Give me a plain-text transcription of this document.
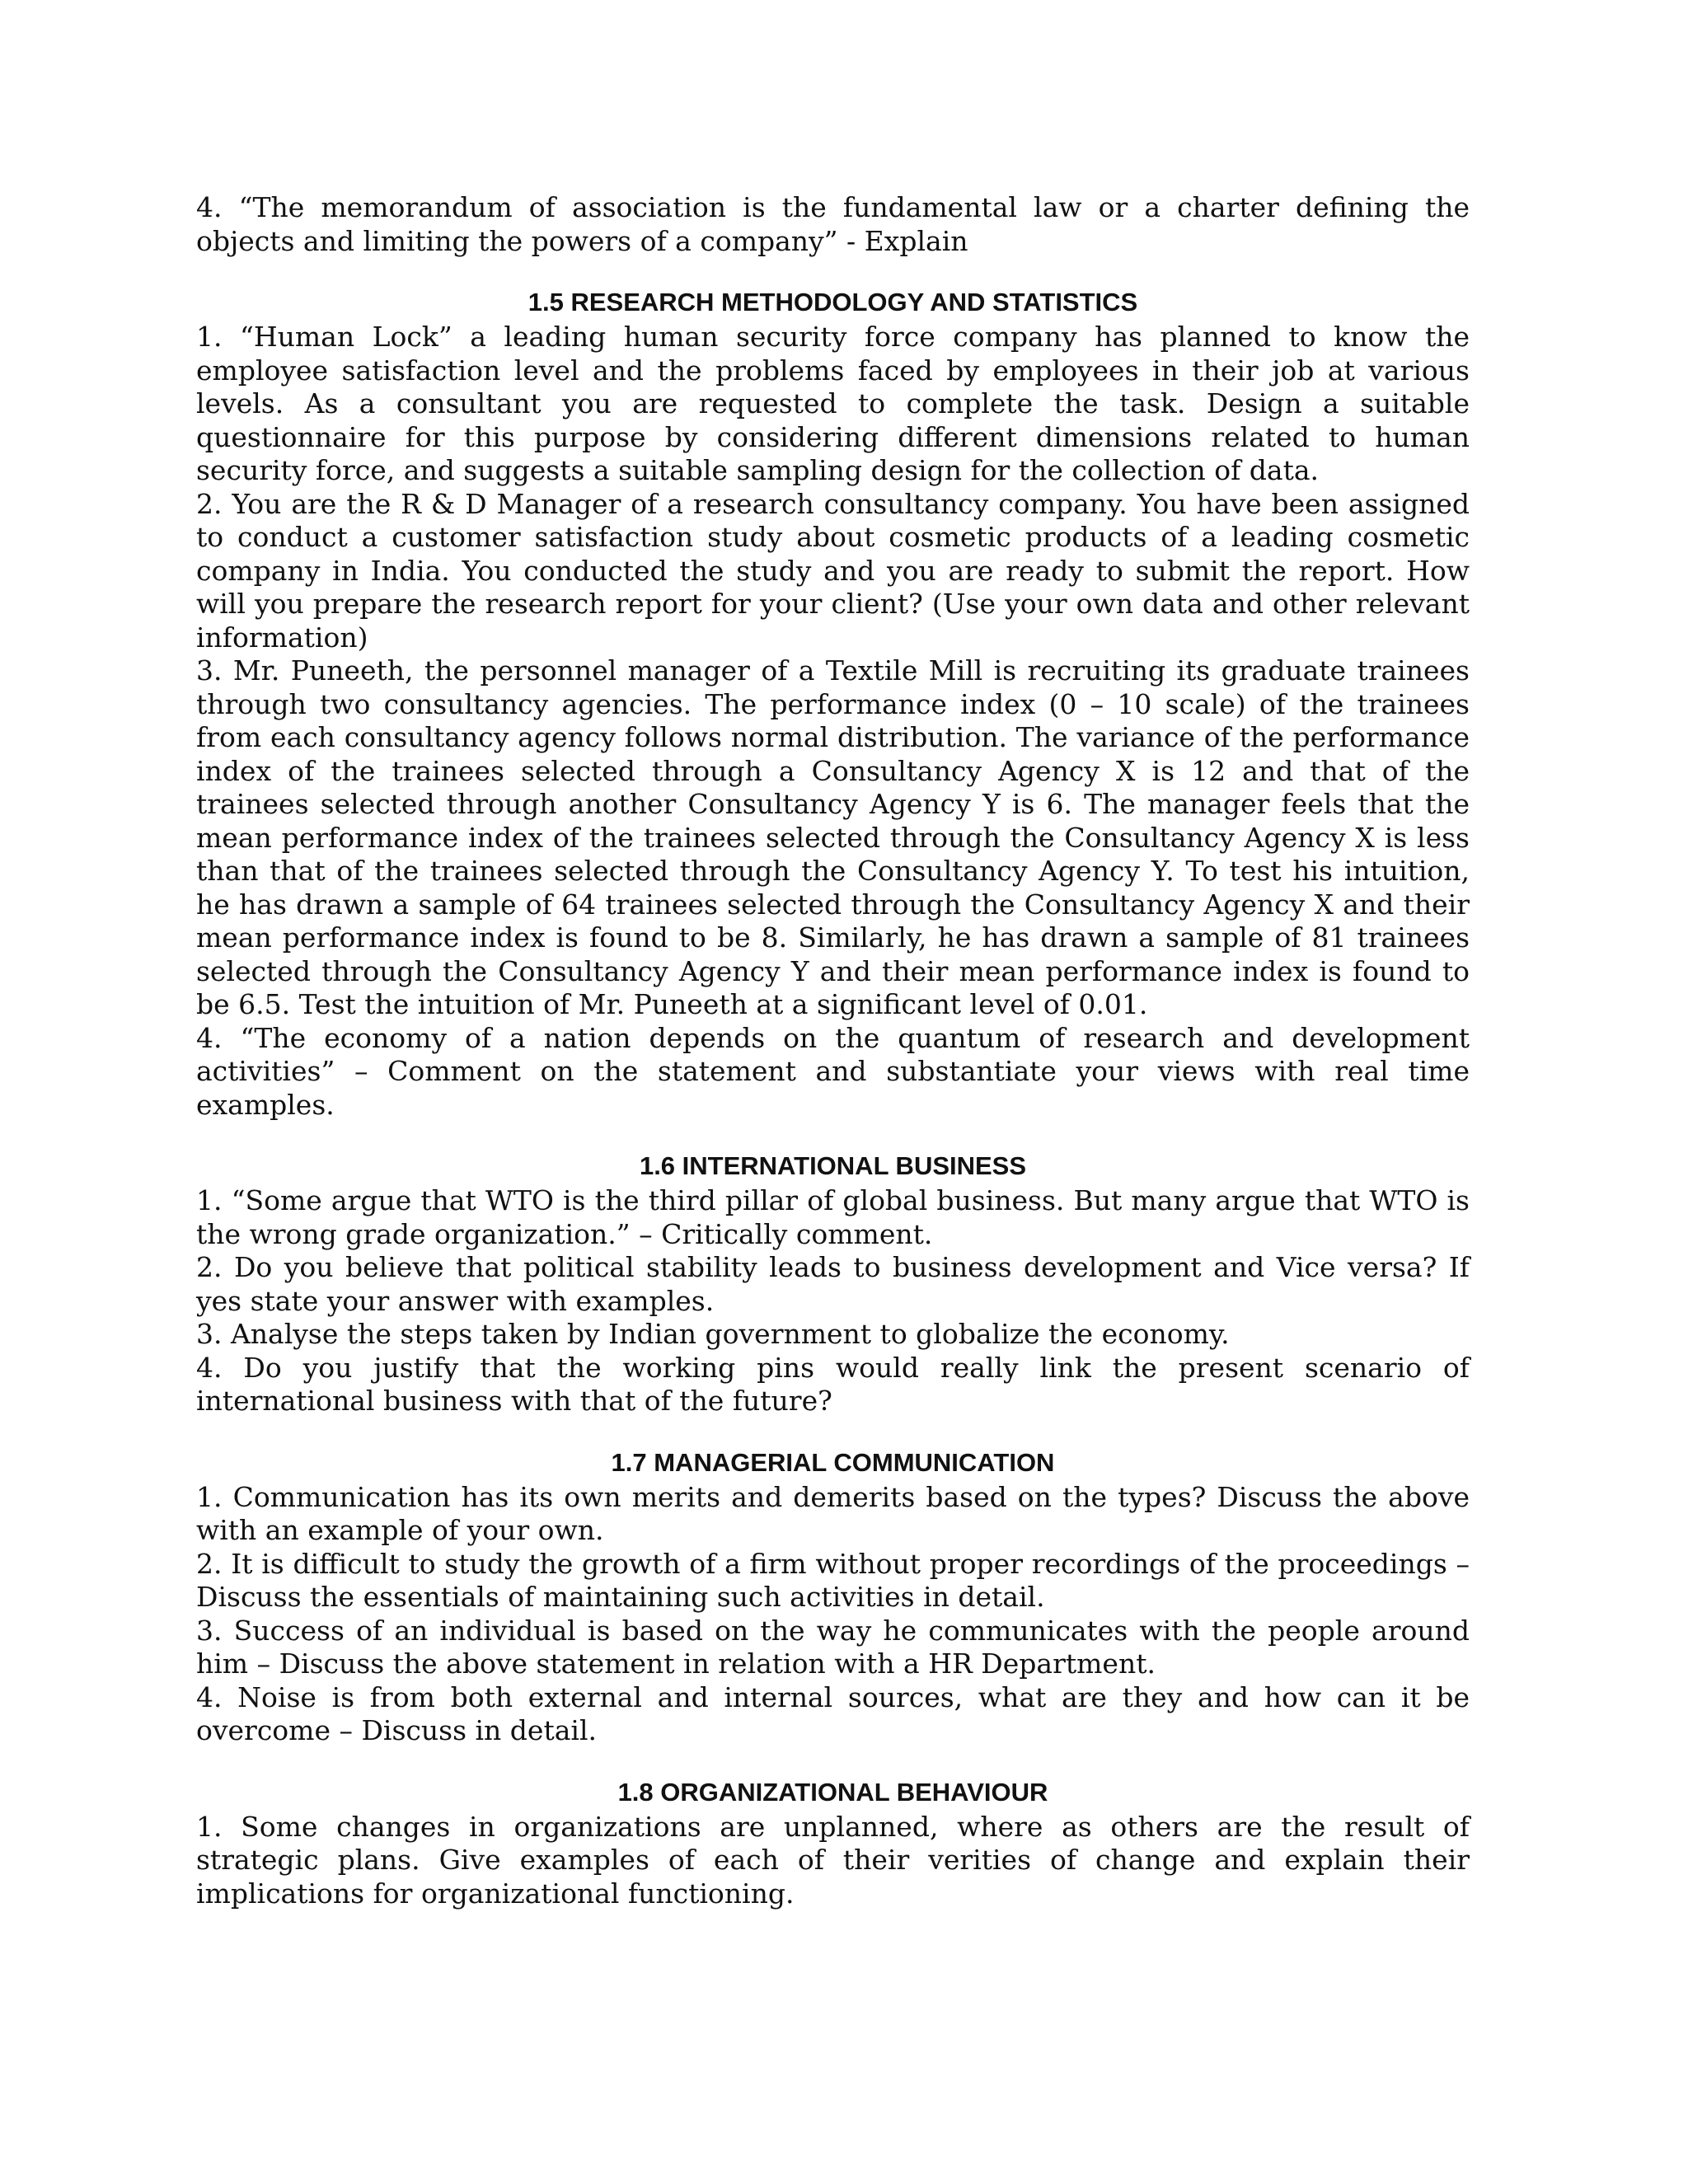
4. “The memorandum of association is the fundamental law or a charter defining the objects and limiting the powers of a company” - Explain

1.5 RESEARCH METHODOLOGY AND STATISTICS

1. “Human Lock” a leading human security force company has planned to know the employee satisfaction level and the problems faced by employees in their job at various levels. As a consultant you are requested to complete the task. Design a suitable questionnaire for this purpose by considering different dimensions related to human security force, and suggests a suitable sampling design for the collection of data.

2. You are the R & D Manager of a research consultancy company. You have been assigned to conduct a customer satisfaction study about cosmetic products of a leading cosmetic company in India. You conducted the study and you are ready to submit the report. How will you prepare the research report for your client? (Use your own data and other relevant information)

3. Mr. Puneeth, the personnel manager of a Textile Mill is recruiting its graduate trainees through two consultancy agencies. The performance index (0 – 10 scale) of the trainees from each consultancy agency follows normal distribution. The variance of the performance index of the trainees selected through a Consultancy Agency X is 12 and that of the trainees selected through another Consultancy Agency Y is 6. The manager feels that the mean performance index of the trainees selected through the Consultancy Agency X is less than that of the trainees selected through the Consultancy Agency Y. To test his intuition, he has drawn a sample of 64 trainees selected through the Consultancy Agency X and their mean performance index is found to be 8. Similarly, he has drawn a sample of 81 trainees selected through the Consultancy Agency Y and their mean performance index is found to be 6.5. Test the intuition of Mr. Puneeth at a significant level of 0.01.

4. “The economy of a nation depends on the quantum of research and development activities” – Comment on the statement and substantiate your views with real time examples.

1.6 INTERNATIONAL BUSINESS

1. “Some argue that WTO is the third pillar of global business. But many argue that WTO is the wrong grade organization.” – Critically comment.

2. Do you believe that political stability leads to business development and Vice versa? If yes state your answer with examples.

3. Analyse the steps taken by Indian government to globalize the economy.

4. Do you justify that the working pins would really link the present scenario of international business with that of the future?

1.7 MANAGERIAL COMMUNICATION

1. Communication has its own merits and demerits based on the types? Discuss the above with an example of your own.

2. It is difficult to study the growth of a firm without proper recordings of the proceedings – Discuss the essentials of maintaining such activities in detail.

3. Success of an individual is based on the way he communicates with the people around him – Discuss the above statement in relation with a HR Department.

4. Noise is from both external and internal sources, what are they and how can it be overcome – Discuss in detail.

1.8 ORGANIZATIONAL BEHAVIOUR

1. Some changes in organizations are unplanned, where as others are the result of strategic plans. Give examples of each of their verities of change and explain their implications for organizational functioning.
